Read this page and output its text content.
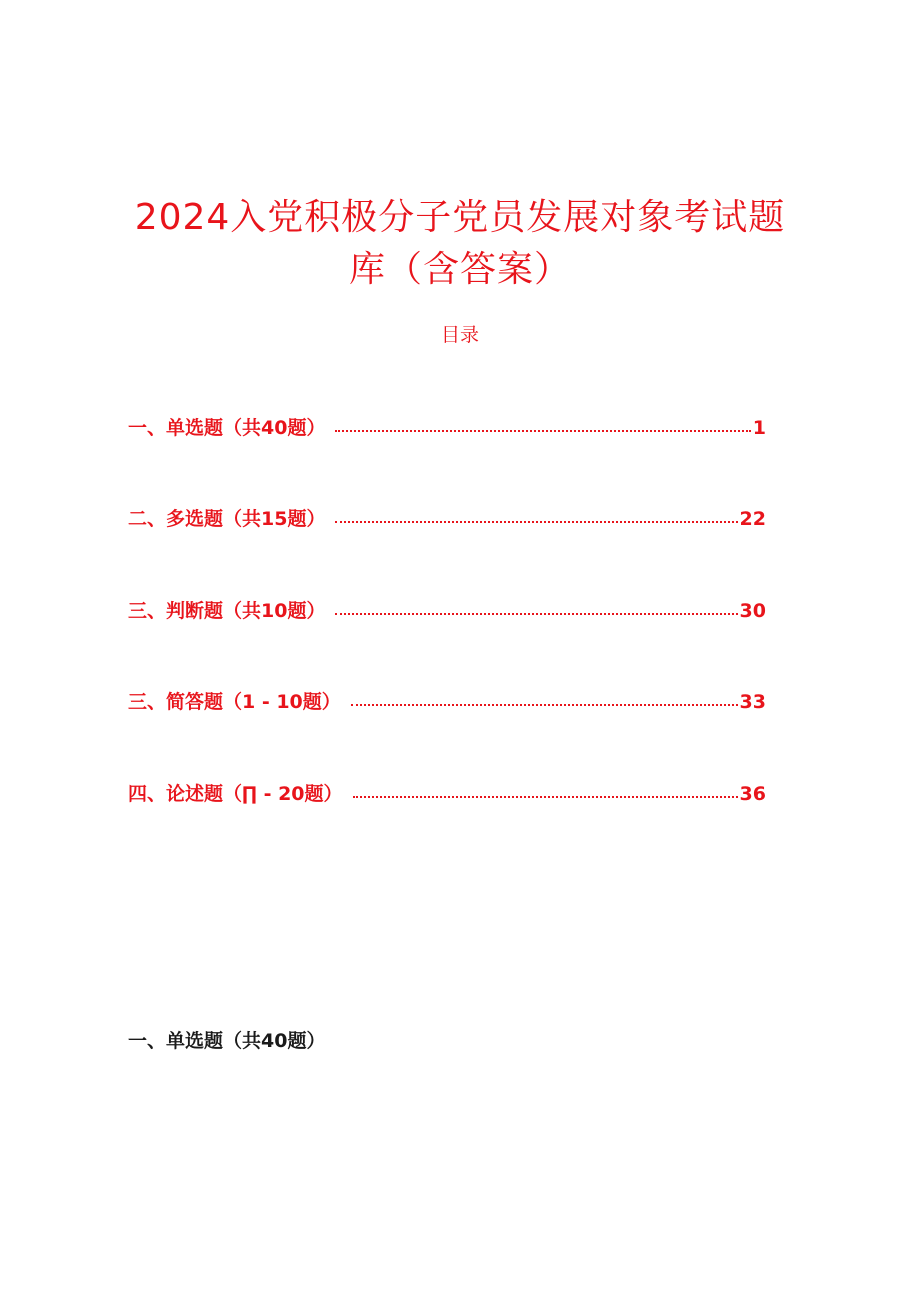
2024入党积极分子党员发展对象考试题库（含答案）
目录
一、单选题（共40题）	1
二、多选题（共15题）	22
三、判断题（共10题）	30
三、简答题（1 - 10题）	33
四、论述题（∏ - 20题）	36
一、单选题（共40题）
